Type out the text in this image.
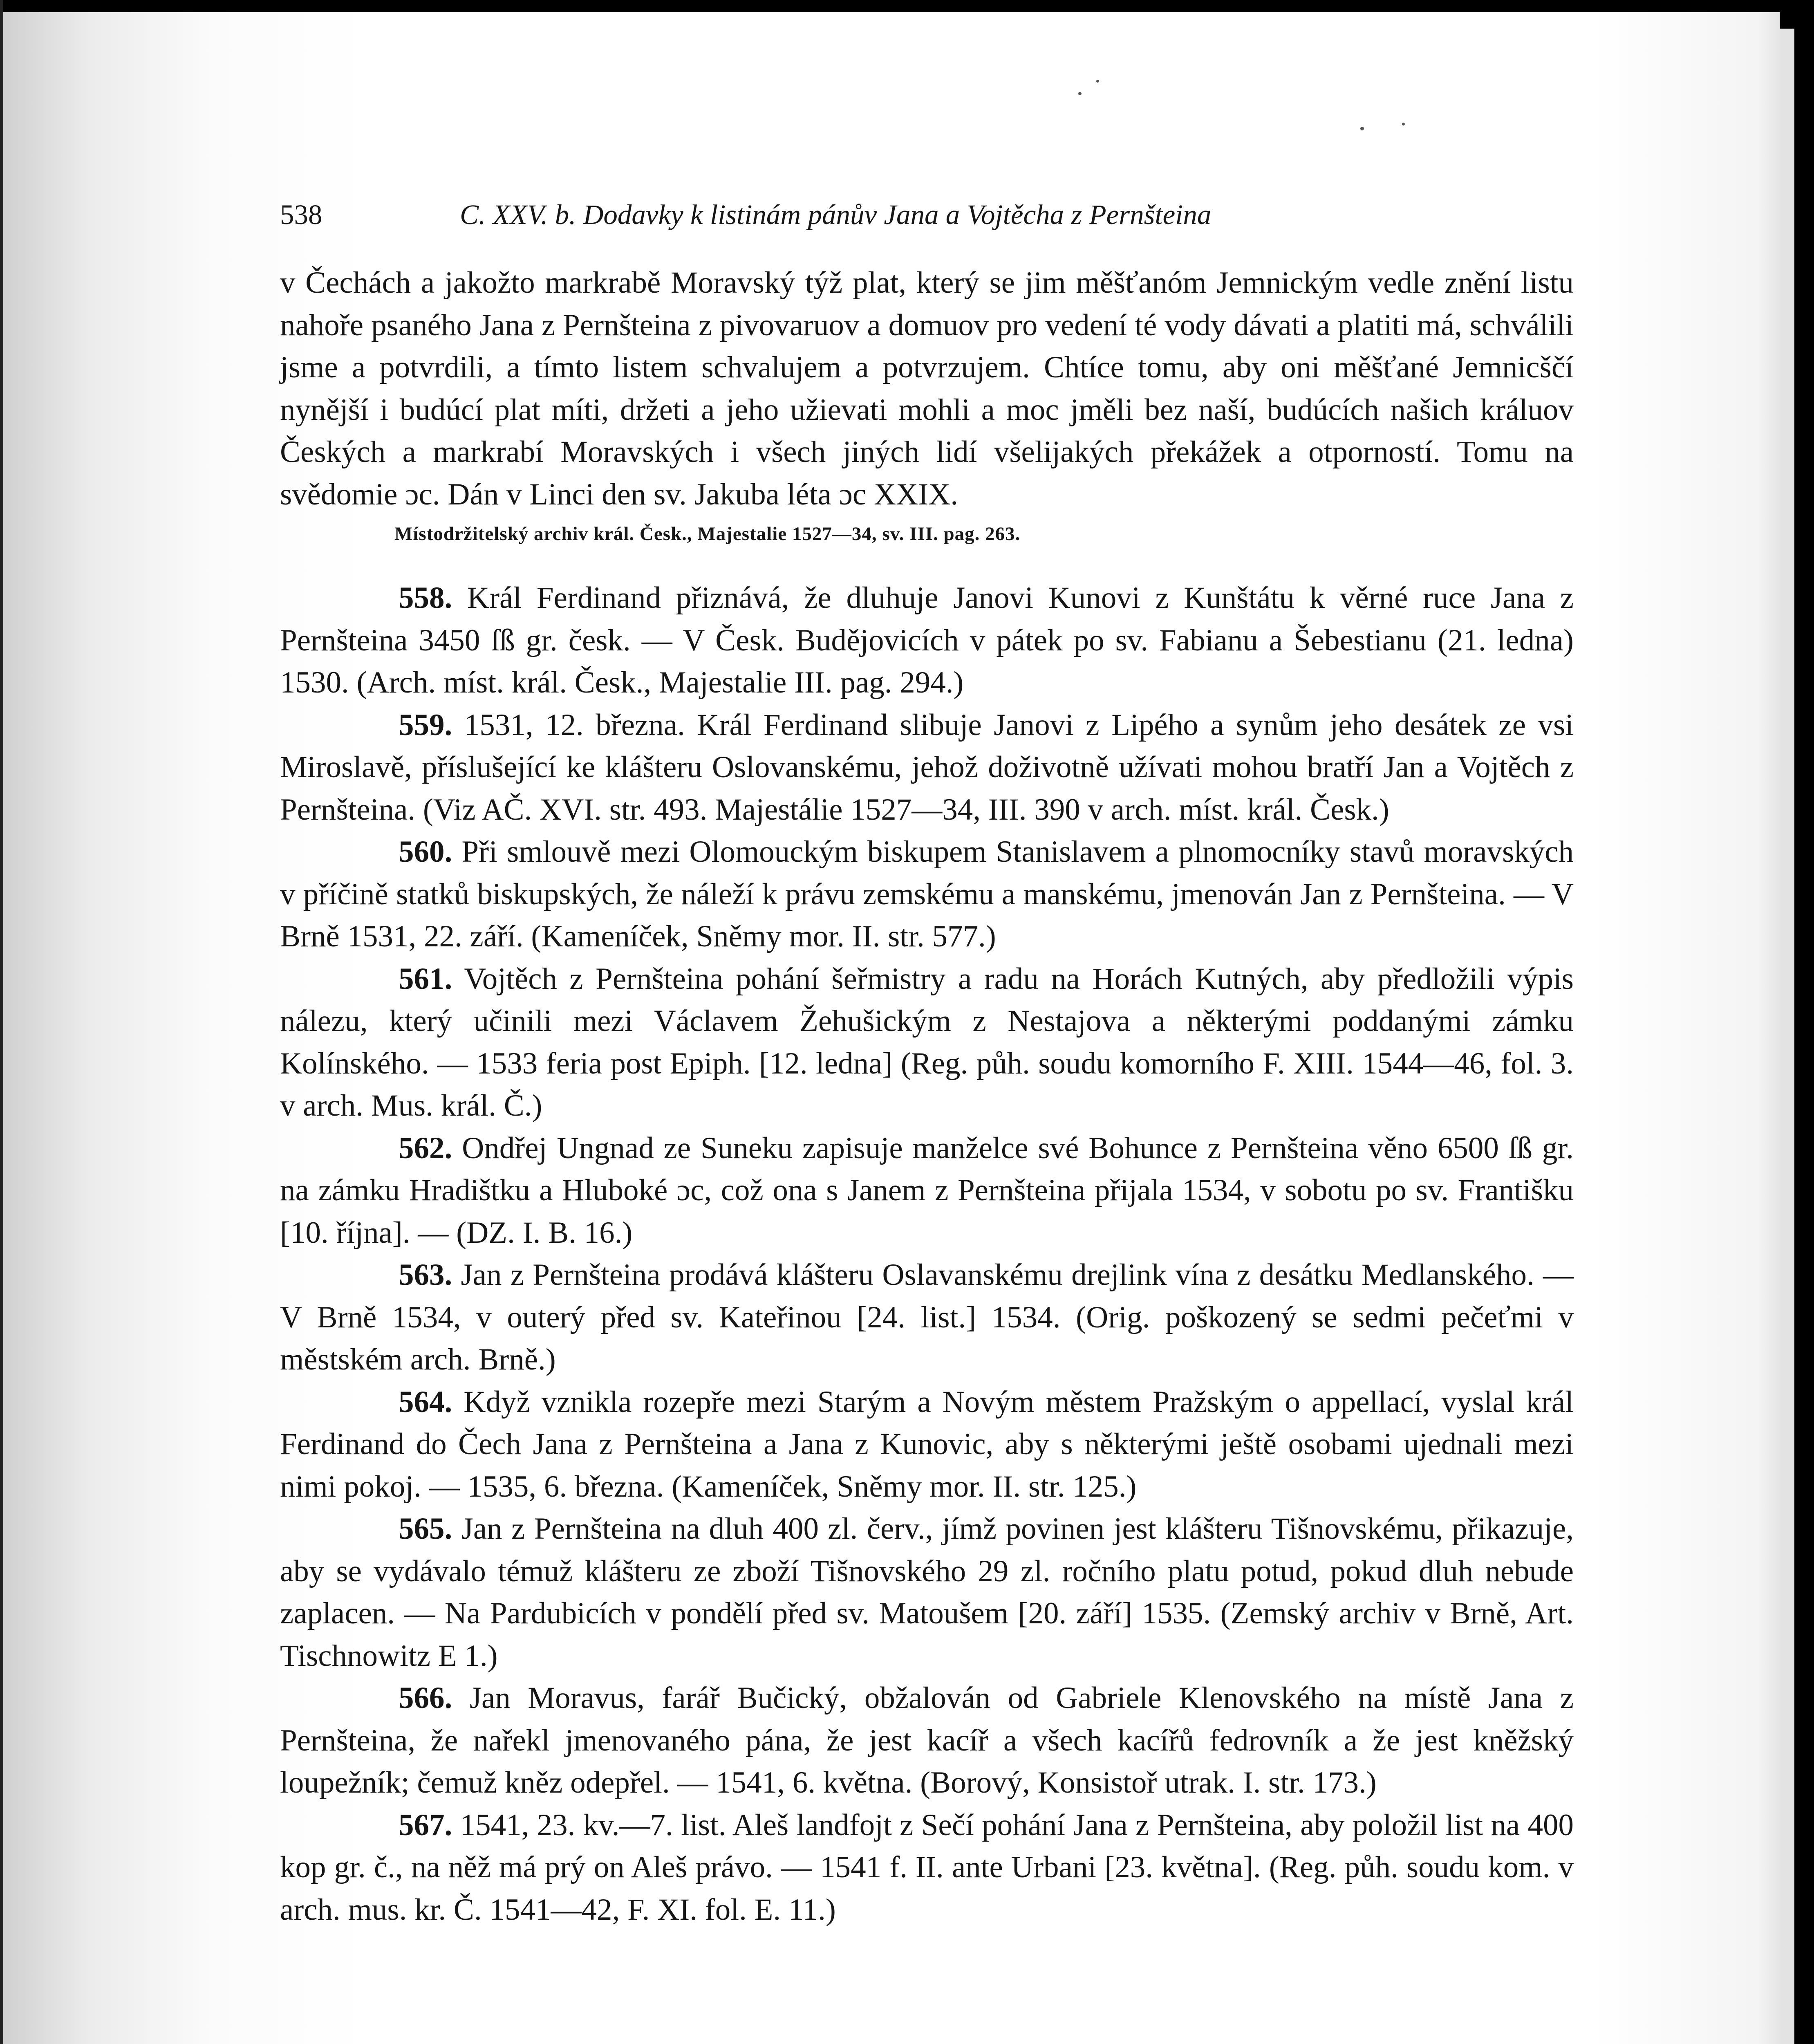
538	C. XXV. b. Dodavky k listinám pánův Jana a Vojtěcha z Pernšteina

v Čechách a jakožto markrabě Moravský týž plat, který se jim měšťanóm Jemnickým vedle znění listu nahoře psaného Jana z Pernšteina z pivovaruov a domuov pro vedení té vody dávati a platiti má, schválili jsme a potvrdili, a tímto listem schvalujem a potvrzujem. Chtíce tomu, aby oni měšťané Jemnicščí nynější i budúcí plat míti, držeti a jeho užievati mohli a moc jměli bez naší, budúcích našich králuov Českých a markrabí Moravských i všech jiných lidí všelijakých překážek a otporností. Tomu na svědomie ɔc. Dán v Linci den sv. Jakuba léta ɔc XXIX.

Místodržitelský archiv král. Česk., Majestalie 1527—34, sv. III. pag. 263.

558. Král Ferdinand přiznává, že dluhuje Janovi Kunovi z Kunštátu k věrné ruce Jana z Pernšteina 3450 ſß gr. česk. — V Česk. Budějovicích v pátek po sv. Fabianu a Šebestianu (21. ledna) 1530. (Arch. míst. král. Česk., Majestalie III. pag. 294.)

559. 1531, 12. března. Král Ferdinand slibuje Janovi z Lipého a synům jeho desátek ze vsi Miroslavě, příslušející ke klášteru Oslovanskému, jehož doživotně užívati mohou bratří Jan a Vojtěch z Pernšteina. (Viz AČ. XVI. str. 493. Majestálie 1527—34, III. 390 v arch. míst. král. Česk.)

560. Při smlouvě mezi Olomouckým biskupem Stanislavem a plnomocníky stavů moravských v příčině statků biskupských, že náleží k právu zemskému a manskému, jmenován Jan z Pernšteina. — V Brně 1531, 22. září. (Kameníček, Sněmy mor. II. str. 577.)

561. Vojtěch z Pernšteina pohání šeřmistry a radu na Horách Kutných, aby předložili výpis nálezu, který učinili mezi Václavem Žehušickým z Nestajova a některými poddanými zámku Kolínského. — 1533 feria post Epiph. [12. ledna] (Reg. půh. soudu komorního F. XIII. 1544—46, fol. 3. v arch. Mus. král. Č.)

562. Ondřej Ungnad ze Suneku zapisuje manželce své Bohunce z Pernšteina věno 6500 ſß gr. na zámku Hradištku a Hluboké ɔc, což ona s Janem z Pernšteina přijala 1534, v sobotu po sv. Františku [10. října]. — (DZ. I. B. 16.)

563. Jan z Pernšteina prodává klášteru Oslavanskému drejlink vína z desátku Medlanského. — V Brně 1534, v outerý před sv. Kateřinou [24. list.] 1534. (Orig. poškozený se sedmi pečeťmi v městském arch. Brně.)

564. Když vznikla rozepře mezi Starým a Novým městem Pražským o appellací, vyslal král Ferdinand do Čech Jana z Pernšteina a Jana z Kunovic, aby s některými ještě osobami ujednali mezi nimi pokoj. — 1535, 6. března. (Kameníček, Sněmy mor. II. str. 125.)

565. Jan z Pernšteina na dluh 400 zl. červ., jímž povinen jest klášteru Tišnovskému, přikazuje, aby se vydávalo témuž klášteru ze zboží Tišnovského 29 zl. ročního platu potud, pokud dluh nebude zaplacen. — Na Pardubicích v pondělí před sv. Matoušem [20. září] 1535. (Zemský archiv v Brně, Art. Tischnowitz E 1.)

566. Jan Moravus, farář Bučický, obžalován od Gabriele Klenovského na místě Jana z Pernšteina, že nařekl jmenovaného pána, že jest kacíř a všech kacířů fedrovník a že jest kněžský loupežník; čemuž kněz odepřel. — 1541, 6. května. (Borový, Konsistoř utrak. I. str. 173.)

567. 1541, 23. kv.—7. list. Aleš landfojt z Sečí pohání Jana z Pernšteina, aby položil list na 400 kop gr. č., na něž má prý on Aleš právo. — 1541 f. II. ante Urbani [23. května]. (Reg. půh. soudu kom. v arch. mus. kr. Č. 1541—42, F. XI. fol. E. 11.)
